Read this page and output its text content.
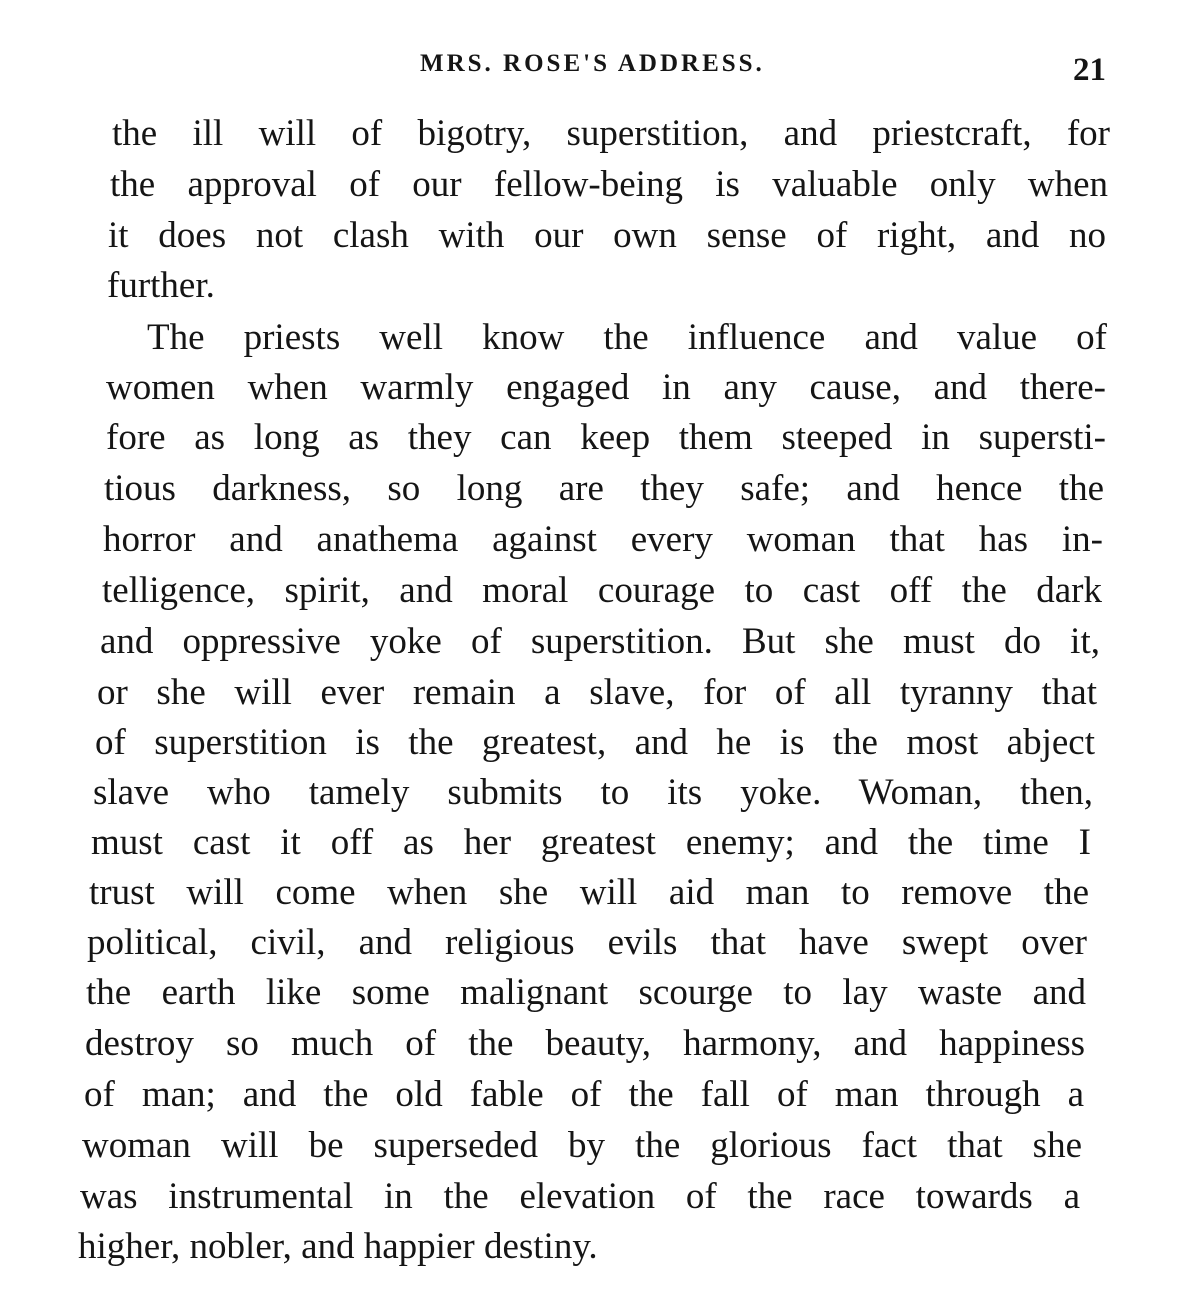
MRS. ROSE'S ADDRESS.	21
the ill will of bigotry, superstition, and priestcraft, for
the approval of our fellow-being is valuable only when
it does not clash with our own sense of right, and no
further.
The priests well know the influence and value of
women when warmly engaged in any cause, and there-
fore as long as they can keep them steeped in supersti-
tious darkness, so long are they safe; and hence the
horror and anathema against every woman that has in-
telligence, spirit, and moral courage to cast off the dark
and oppressive yoke of superstition. But she must do it,
or she will ever remain a slave, for of all tyranny that
of superstition is the greatest, and he is the most abject
slave who tamely submits to its yoke. Woman, then,
must cast it off as her greatest enemy; and the time I
trust will come when she will aid man to remove the
political, civil, and religious evils that have swept over
the earth like some malignant scourge to lay waste and
destroy so much of the beauty, harmony, and happiness
of man; and the old fable of the fall of man through a
woman will be superseded by the glorious fact that she
was instrumental in the elevation of the race towards a
higher, nobler, and happier destiny.
